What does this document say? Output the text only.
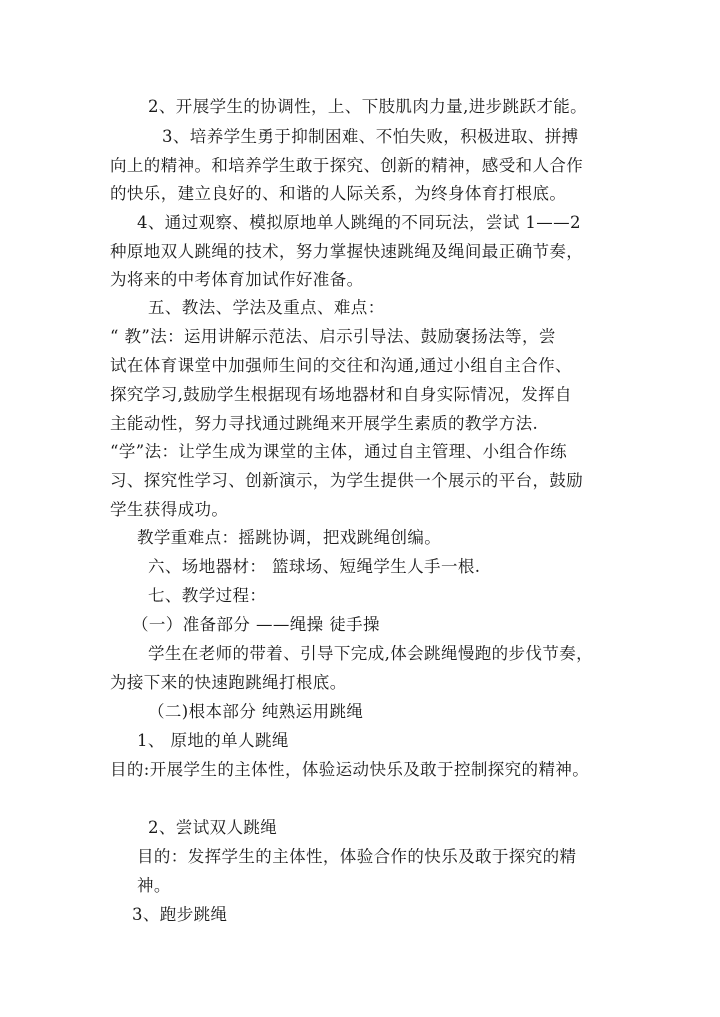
2、开展学生的协调性，上、下肢肌肉力量,进步跳跃才能。
3、培养学生勇于抑制困难、不怕失败，积极进取、拼搏
向上的精神。和培养学生敢于探究、创新的精神，感受和人合作
的快乐，建立良好的、和谐的人际关系，为终身体育打根底。
4、通过观察、模拟原地单人跳绳的不同玩法，尝试 1——2
种原地双人跳绳的技术，努力掌握快速跳绳及绳间最正确节奏，
为将来的中考体育加试作好准备。
五、教法、学法及重点、难点：
“ 教”法：运用讲解示范法、启示引导法、鼓励褒扬法等，尝
试在体育课堂中加强师生间的交往和沟通,通过小组自主合作、
探究学习,鼓励学生根据现有场地器材和自身实际情况，发挥自
主能动性，努力寻找通过跳绳来开展学生素质的教学方法.
“学”法：让学生成为课堂的主体，通过自主管理、小组合作练
习、探究性学习、创新演示，为学生提供一个展示的平台，鼓励
学生获得成功。
教学重难点：摇跳协调，把戏跳绳创编。
六、场地器材： 篮球场、短绳学生人手一根.
七、教学过程：
（一）准备部分 ——绳操 徒手操
学生在老师的带着、引导下完成,体会跳绳慢跑的步伐节奏，
为接下来的快速跑跳绳打根底。
（二)根本部分 纯熟运用跳绳
1、 原地的单人跳绳
目的:开展学生的主体性，体验运动快乐及敢于控制探究的精神。
2、尝试双人跳绳
目的：发挥学生的主体性，体验合作的快乐及敢于探究的精
神。
3、跑步跳绳
